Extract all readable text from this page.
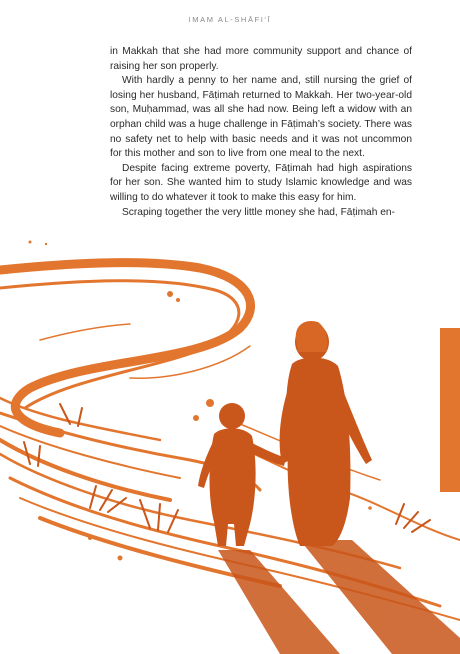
IMAM AL-SHĀFI‘Ī

in Makkah that she had more community support and chance of raising her son properly.

With hardly a penny to her name and, still nursing the grief of losing her husband, Fāṭimah returned to Makkah. Her two-year-old son, Muḥammad, was all she had now. Being left a widow with an orphan child was a huge challenge in Fāṭimah’s society. There was no safety net to help with basic needs and it was not uncommon for this mother and son to live from one meal to the next.

Despite facing extreme poverty, Fāṭimah had high aspirations for her son. She wanted him to study Islamic knowledge and was willing to do whatever it took to make this easy for him.

Scraping together the very little money she had, Fāṭimah en-
